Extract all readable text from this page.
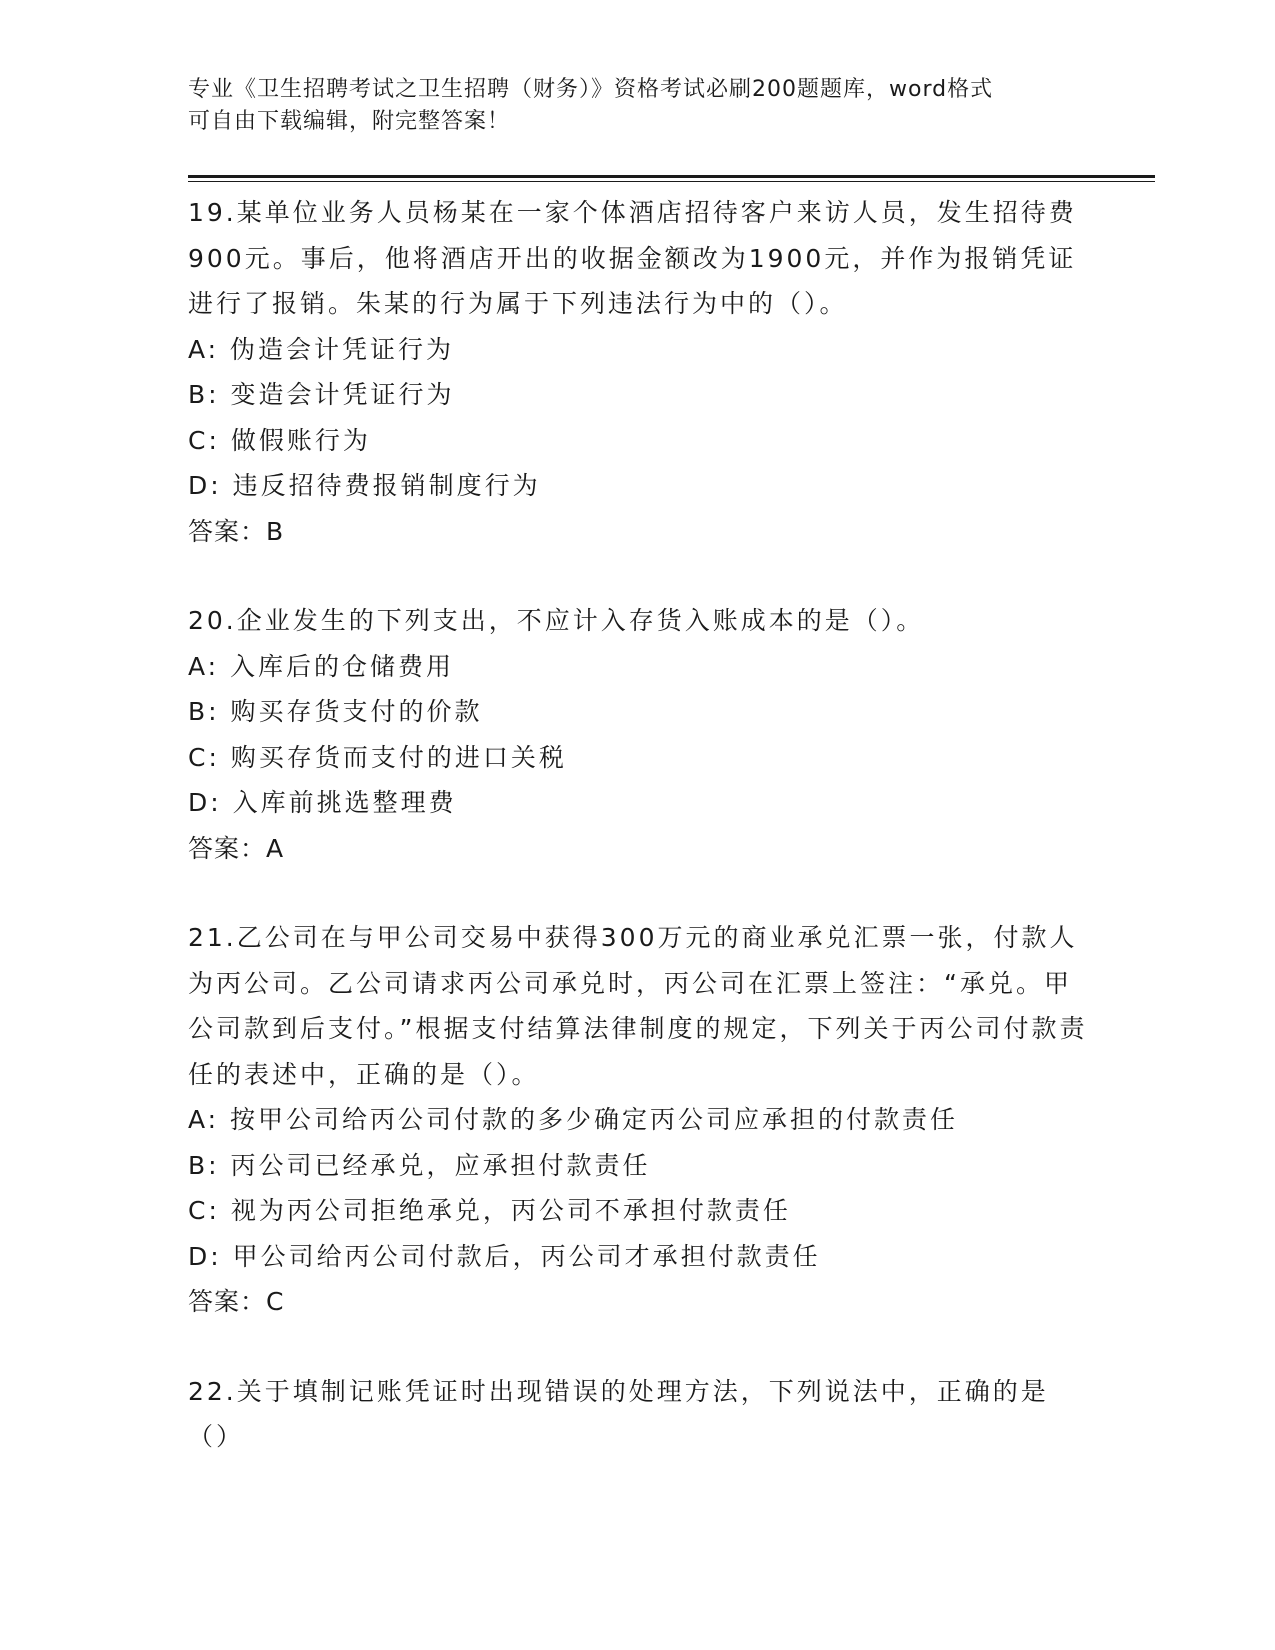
专业《卫生招聘考试之卫生招聘（财务）》资格考试必刷200题题库，word格式
可自由下载编辑，附完整答案！
19.某单位业务人员杨某在一家个体酒店招待客户来访人员，发生招待费900元。事后，他将酒店开出的收据金额改为1900元，并作为报销凭证进行了报销。朱某的行为属于下列违法行为中的（）。
A: 伪造会计凭证行为
B: 变造会计凭证行为
C: 做假账行为
D: 违反招待费报销制度行为
答案：B
20.企业发生的下列支出，不应计入存货入账成本的是（）。
A: 入库后的仓储费用
B: 购买存货支付的价款
C: 购买存货而支付的进口关税
D: 入库前挑选整理费
答案：A
21.乙公司在与甲公司交易中获得300万元的商业承兑汇票一张，付款人为丙公司。乙公司请求丙公司承兑时，丙公司在汇票上签注：“承兑。甲公司款到后支付。”根据支付结算法律制度的规定，下列关于丙公司付款责任的表述中，正确的是（）。
A: 按甲公司给丙公司付款的多少确定丙公司应承担的付款责任
B: 丙公司已经承兑，应承担付款责任
C: 视为丙公司拒绝承兑，丙公司不承担付款责任
D: 甲公司给丙公司付款后，丙公司才承担付款责任
答案：C
22.关于填制记账凭证时出现错误的处理方法，下列说法中，正确的是（）
